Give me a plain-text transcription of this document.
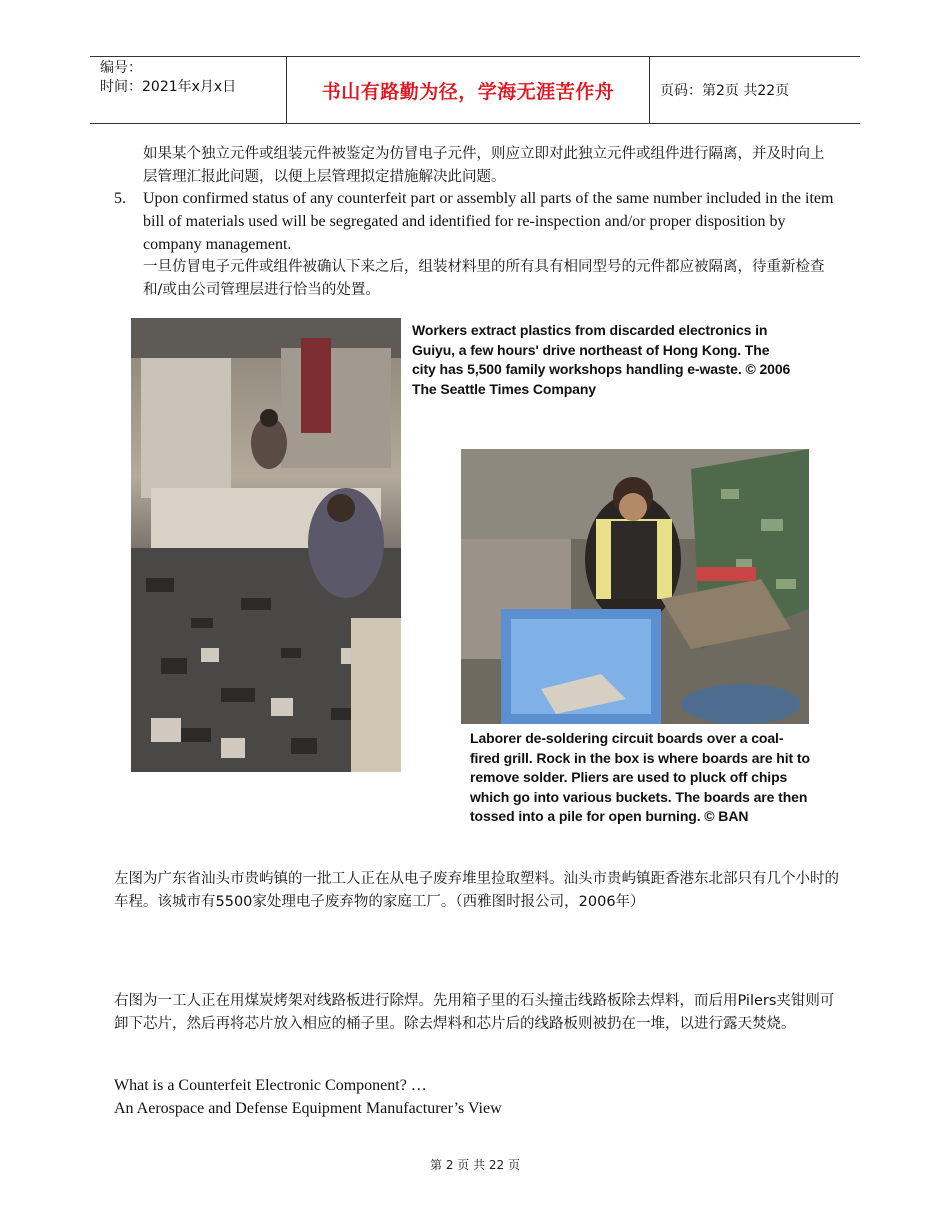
编号：
时间：2021年x月x日	书山有路勤为径，学海无涯苦作舟	页码：第2页 共22页
如果某个独立元件或组装元件被鉴定为仿冒电子元件，则应立即对此独立元件或组件进行隔离，并及时向上层管理汇报此问题，以便上层管理拟定措施解决此问题。
5. Upon confirmed status of any counterfeit part or assembly all parts of the same number included in the item bill of materials used will be segregated and identified for re-inspection and/or proper disposition by company management.
一旦仿冒电子元件或组件被确认下来之后，组装材料里的所有具有相同型号的元件都应被隔离，待重新检查和/或由公司管理层进行恰当的处置。
Workers extract plastics from discarded electronics in Guiyu, a few hours' drive northeast of Hong Kong. The city has 5,500 family workshops handling e-waste. © 2006 The Seattle Times Company
Laborer de-soldering circuit boards over a coal-fired grill. Rock in the box is where boards are hit to remove solder. Pliers are used to pluck off chips which go into various buckets. The boards are then tossed into a pile for open burning. © BAN
左图为广东省汕头市贵屿镇的一批工人正在从电子废弃堆里捡取塑料。汕头市贵屿镇距香港东北部只有几个小时的车程。该城市有5500家处理电子废弃物的家庭工厂。（西雅图时报公司，2006年）
右图为一工人正在用煤炭烤架对线路板进行除焊。先用箱子里的石头撞击线路板除去焊料，而后用Pilers夹钳则可卸下芯片，然后再将芯片放入相应的桶子里。除去焊料和芯片后的线路板则被扔在一堆，以进行露天焚烧。
What is a Counterfeit Electronic Component? …
An Aerospace and Defense Equipment Manufacturer’s View
第 2 页 共 22 页
